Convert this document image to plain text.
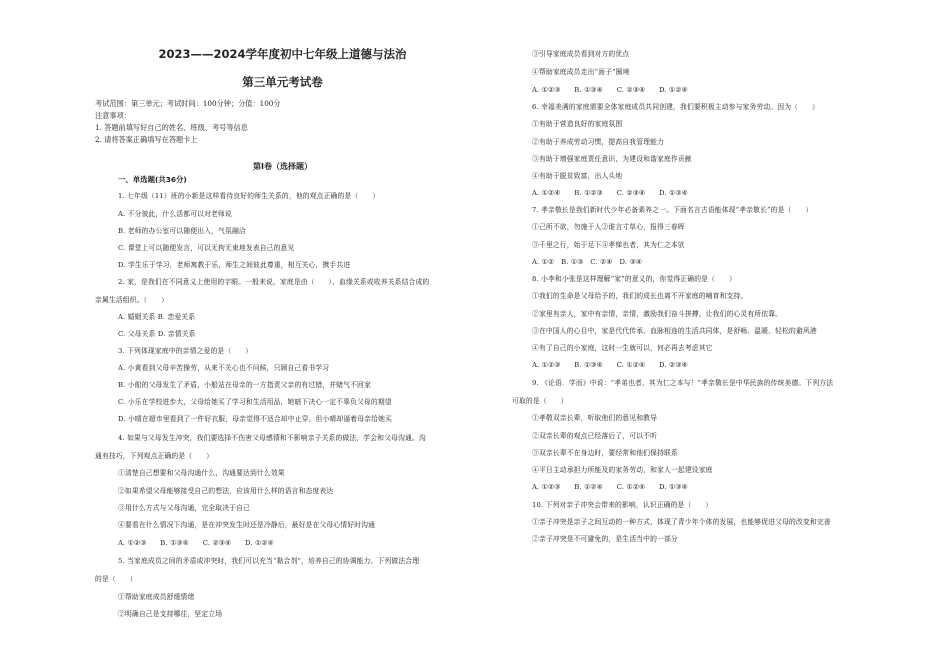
2023——2024学年度初中七年级上道德与法治
第三单元考试卷
考试范围：第三单元；考试时间：100分钟；分值：100分
注意事项：
1. 答题前填写好自己的姓名、班级、考号等信息
2. 请将答案正确填写在答题卡上
第Ⅰ卷（选择题）
一、单选题(共36分)
1. 七年级（11）班的小新是这样看待良好的师生关系的，他的观点正确的是（　　）
A. 不分彼此，什么活都可以对老师说
B. 老师的办公室可以随便出入，气氛融洽
C. 课堂上可以随便发言，可以无拘无束地发表自己的意见
D. 学生乐于学习，老师寓教于乐，师生之间彼此尊重，相互关心，携手共进
2. 家，是我们在不同意义上使用的字眼。一般来说，家庭是由（　　）、血缘关系或收养关系结合成的
亲属生活组织。（　　）
A. 婚姻关系 B. 恋爱关系
C. 父母关系 D. 亲情关系
3. 下列体现家庭中的亲情之爱的是（　　）
A. 小黄看到父母辛苦操劳，从来不关心也不问候，只顾自己看书学习
B. 小船的父母发生了矛盾，小船站在母亲的一方指责父亲的有过错，并赌气不回家
C. 小乐在学校进步大，父母给她买了学习和生活用品，她暗下决心一定不辜负父母的期望
D. 小晴在超市里看到了一件好衣服，母亲觉得不适合却中止穿。但小晴却逼着母亲给她买
4. 如果与父母发生冲突，我们要选择不伤害父母感情和不影响亲子关系的做法，学会和父母沟通。沟
通有技巧，下列观点正确的是（　　）
①清楚自己想要和父母沟通什么，沟通要达到什么效果
②如果希望父母能够接受自己的想法，应该用什么样的语言和态度表达
③用什么方式与父母沟通，完全取决于自己
④要看在什么情况下沟通，是在冲突发生时还是冷静后，最好是在父母心情好时沟通
A. ①②③　　B. ①③④　　C. ②③④　　D. ①②④
5. 当家庭成员之间的矛盾或冲突时，我们可以充当“黏合剂”，培养自己的协调能力。下列做法合理
的是（　　）
①帮助家庭成员舒缓情绪
②明确自己是支持哪往，坚定立场
③引导家庭成员看到对方的优点
④帮助家庭成员走出“面子”圈境
A. ①②③　　B. ①③④　　C. ②③④　　D. ①②④
6. 幸福美满的家庭需要全体家庭成员共同创建，我们要积极主动参与家务劳动。因为（　　）
①有助于营造良好的家庭氛围
②有助于养成劳动习惯，提高自我管理能力
③有助于增强家庭责任意识，为建设和谐家庭作贡献
④有助于脱贫致富，出人头地
A. ①②④　　B. ①②③　　C. ②③④　　D. ①③④
7. 孝亲敬长是我们新时代少年必备素养之一。下面名言古语能体现“孝亲敬长”的是（　　）
①己所不欲，勿施于人②谁言寸草心，报得三春晖
③千里之行，始于足下④孝悌也者，其为仁之本欤
A. ①②　B. ①③　C. ②④　D. ③④
8. 小李和小张是这样理解“家”的意义的，你觉得正确的是（　　）
①我们的生命是父母给予的，我们的成长也离不开家庭的哺育和支持。
②家里有亲人，家中有亲情，亲情，激励我们奋斗拼搏，让我们的心灵有所依靠。
③在中国人的心目中，家是代代传承、血脉相连的生活共同体，是舒畅、温暖、轻松的避风港
④有了自己的小家庭，这时一生就可以，何必再去考虑其它
A. ①②③　　B. ①③④　　C. ①②④　　D. ②③④
9. 《论语．学而》中说：“孝弟也者，其为仁之本与！”孝亲敬长是中华民族的传统美德。下列方法
可取的是（　　）
①孝敬双亲长辈，听取他们的意见和教导
②双亲长辈的观点已经落后了，可以不听
③双亲长辈不在身边时，要经常和他们保持联系
④平日主动承担力所能及的家务劳动，和家人一起建设家庭
A. ①②③　　B. ①②④　　C. ①②④　　D. ①③④
10. 下列对亲子冲突会带来的影响，认识正确的是（　　）
①亲子冲突是亲子之间互动的一种方式，体现了青少年个体的发展，也能够促进父母的改变和完善
②亲子冲突是不可避免的，是生活当中的一部分
